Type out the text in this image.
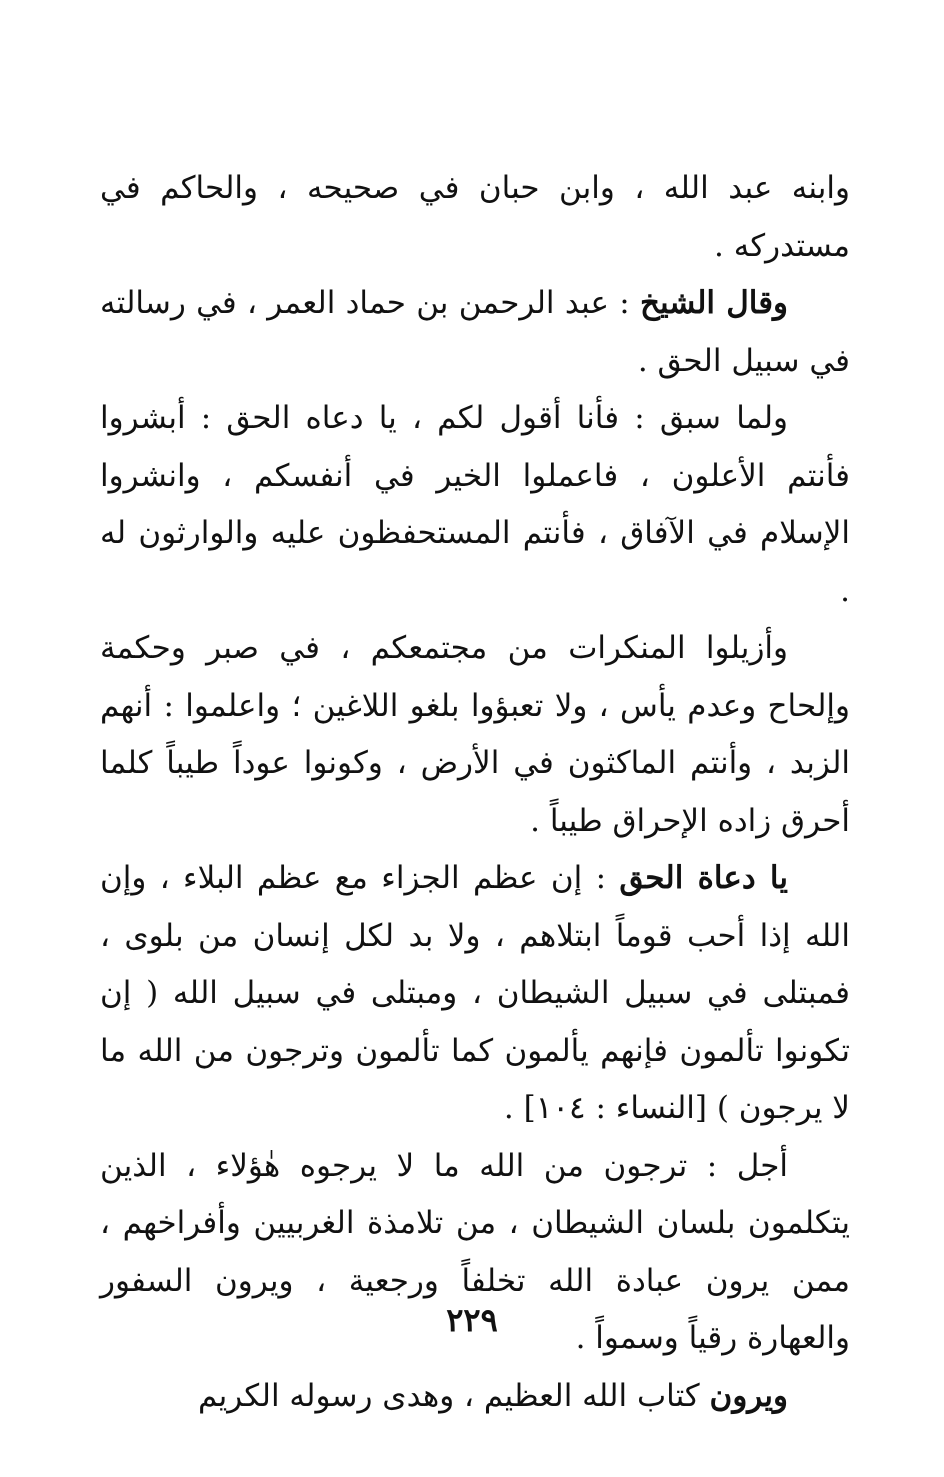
وابنه عبد الله ، وابن حبان في صحيحه ، والحاكم في مستدركه .

وقال الشيخ : عبد الرحمن بن حماد العمر ، في رسالته في سبيل الحق .

ولما سبق : فأنا أقول لكم ، يا دعاه الحق : أبشروا فأنتم الأعلون ، فاعملوا الخير في أنفسكم ، وانشروا الإسلام في الآفاق ، فأنتم المستحفظون عليه والوارثون له .

وأزيلوا المنكرات من مجتمعكم ، في صبر وحكمة وإلحاح وعدم يأس ، ولا تعبؤوا بلغو اللاغين ؛ واعلموا : أنهم الزبد ، وأنتم الماكثون في الأرض ، وكونوا عوداً طيباً كلما أحرق زاده الإحراق طيباً .

يا دعاة الحق : إن عظم الجزاء مع عظم البلاء ، وإن الله إذا أحب قوماً ابتلاهم ، ولا بد لكل إنسان من بلوى ، فمبتلى في سبيل الشيطان ، ومبتلى في سبيل الله ( إن تكونوا تألمون فإنهم يألمون كما تألمون وترجون من الله ما لا يرجون ) [النساء : ١٠٤] .

أجل : ترجون من الله ما لا يرجوه هٰؤلاء ، الذين يتكلمون بلسان الشيطان ، من تلامذة الغربيين وأفراخهم ، ممن يرون عبادة الله تخلفاً ورجعية ، ويرون السفور والعهارة رقياً وسمواً .

ويرون كتاب الله العظيم ، وهدى رسوله الكريم

٢٢٩
